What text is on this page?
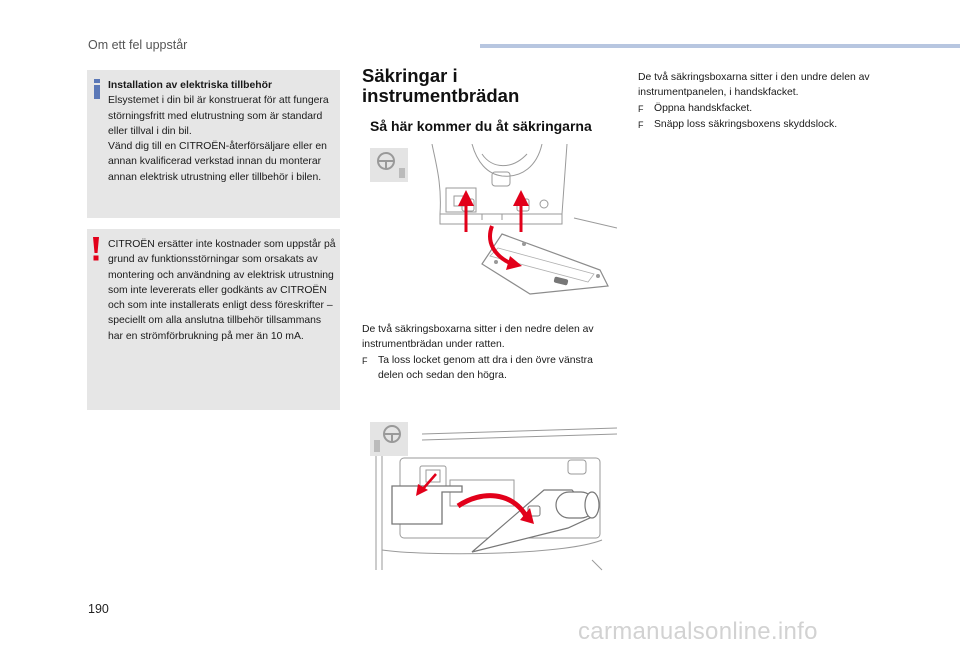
Om ett fel uppstår

Installation av elektriska tillbehör

Elsystemet i din bil är konstruerat för att fungera störningsfritt med elutrustning som är standard eller tillval i din bil.

Vänd dig till en CITROËN-återförsäljare eller en annan kvalificerad verkstad innan du monterar annan elektrisk utrustning eller tillbehör i bilen.

CITROËN ersätter inte kostnader som uppstår på grund av funktionsstörningar som orsakats av montering och användning av elektrisk utrustning som inte levererats eller godkänts av CITROËN och som inte installerats enligt dess föreskrifter – speciellt om alla anslutna tillbehör tillsammans har en strömförbrukning på mer än 10 mA.

Säkringar i instrumentbrädan
Så här kommer du åt säkringarna

De två säkringsboxarna sitter i den nedre delen av instrumentbrädan under ratten.

F	Ta loss locket genom att dra i den övre vänstra delen och sedan den högra.

De två säkringsboxarna sitter i den undre delen av instrumentpanelen, i handskfacket.

F	Öppna handskfacket.
F	Snäpp loss säkringsboxens skyddslock.
190
carmanualsonline.info
